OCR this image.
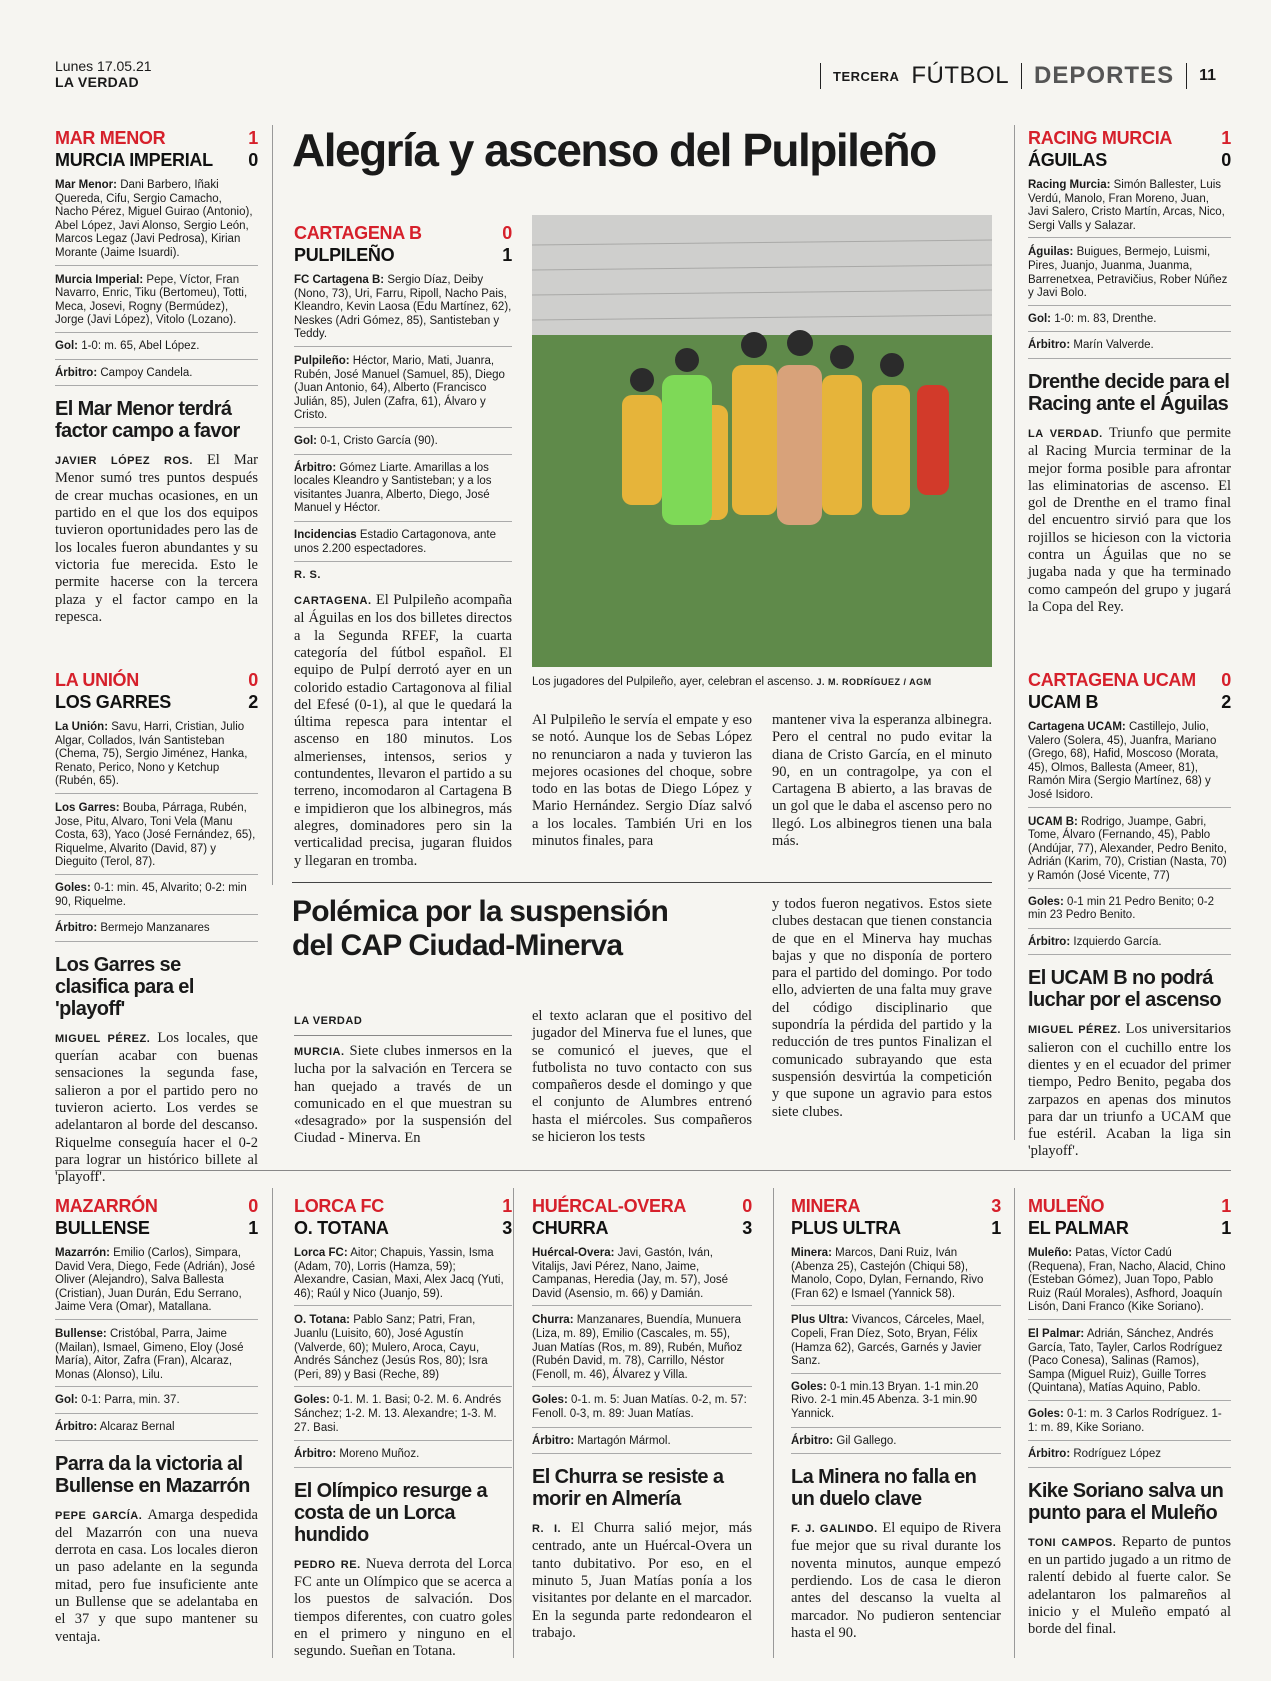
Lunes 17.05.21
LA VERDAD	TERCERA FÚTBOL DEPORTES 11
MAR MENOR	1
MURCIA IMPERIAL 0
Mar Menor: Dani Barbero, Iñaki Quereda, Cifu, Sergio Camacho, Nacho Pérez, Miguel Guirao (Antonio), Abel López, Javi Alonso, Sergio León, Marcos Legaz (Javi Pedrosa), Kirian Morante (Jaime Isuardi).
Murcia Imperial: Pepe, Víctor, Fran Navarro, Enric, Tiku (Bertomeu), Totti, Meca, Josevi, Rogny (Bermúdez), Jorge (Javi López), Vitolo (Lozano).
Gol: 1-0: m. 65, Abel López.
Árbitro: Campoy Candela.
El Mar Menor terdrá factor campo a favor
JAVIER LÓPEZ ROS. El Mar Menor sumó tres puntos después de crear muchas ocasiones, en un partido en el que los dos equipos tuvieron oportunidades pero las de los locales fueron abundantes y su victoria fue merecida. Esto le permite hacerse con la tercera plaza y el factor campo en la repesca.
LA UNIÓN	0
LOS GARRES	2
La Unión: Savu, Harri, Cristian, Julio Algar, Collados, Iván Santisteban (Chema, 75), Sergio Jiménez, Hanka, Renato, Perico, Nono y Ketchup (Rubén, 65).
Los Garres: Bouba, Párraga, Rubén, Jose, Pitu, Alvaro, Toni Vela (Manu Costa, 63), Yaco (José Fernández, 65), Riquelme, Alvarito (David, 87) y Dieguito (Terol, 87).
Goles: 0-1: min. 45, Alvarito; 0-2: min 90, Riquelme.
Árbitro: Bermejo Manzanares
Los Garres se clasifica para el 'playoff'
MIGUEL PÉREZ. Los locales, que querían acabar con buenas sensaciones la segunda fase, salieron a por el partido pero no tuvieron acierto. Los verdes se adelantaron al borde del descanso. Riquelme conseguía hacer el 0-2 para lograr un histórico billete al 'playoff'.
Alegría y ascenso del Pulpileño
CARTAGENA B	0
PULPILEÑO	1
FC Cartagena B: Sergio Díaz, Deiby (Nono, 73), Uri, Farru, Ripoll, Nacho Pais, Kleandro, Kevin Laosa (Edu Martínez, 62), Neskes (Adri Gómez, 85), Santisteban y Teddy.
Pulpileño: Héctor, Mario, Mati, Juanra, Rubén, José Manuel (Samuel, 85), Diego (Juan Antonio, 64), Alberto (Francisco Julián, 85), Julen (Zafra, 61), Álvaro y Cristo.
Gol: 0-1, Cristo García (90).
Árbitro: Gómez Liarte. Amarillas a los locales Kleandro y Santisteban; y a los visitantes Juanra, Alberto, Diego, José Manuel y Héctor.
Incidencias Estadio Cartagonova, ante unos 2.200 espectadores.
R. S.
CARTAGENA. El Pulpileño acompaña al Águilas en los dos billetes directos a la Segunda RFEF, la cuarta categoría del fútbol español. El equipo de Pulpí derrotó ayer en un colorido estadio Cartagonova al filial del Efesé (0-1), al que le quedará la última repesca para intentar el ascenso en 180 minutos. Los almerienses, intensos, serios y contundentes, llevaron el partido a su terreno, incomodaron al Cartagena B e impidieron que los albinegros, más alegres, dominadores pero sin la verticalidad precisa, jugaran fluidos y llegaran en tromba.
Los jugadores del Pulpileño, ayer, celebran el ascenso. J. M. RODRÍGUEZ / AGM
Al Pulpileño le servía el empate y eso se notó. Aunque los de Sebas López no renunciaron a nada y tuvieron las mejores ocasiones del choque, sobre todo en las botas de Diego López y Mario Hernández. Sergio Díaz salvó a los locales. También Uri en los minutos finales, para
mantener viva la esperanza albinegra. Pero el central no pudo evitar la diana de Cristo García, en el minuto 90, en un contragolpe, ya con el Cartagena B abierto, a las bravas de un gol que le daba el ascenso pero no llegó. Los albinegros tienen una bala más.
Polémica por la suspensión
del CAP Ciudad-Minerva
LA VERDAD
MURCIA. Siete clubes inmersos en la lucha por la salvación en Tercera se han quejado a través de un comunicado en el que muestran su «desagrado» por la suspensión del Ciudad - Minerva. En
el texto aclaran que el positivo del jugador del Minerva fue el lunes, que se comunicó el jueves, que el futbolista no tuvo contacto con sus compañeros desde el domingo y que el conjunto de Alumbres entrenó hasta el miércoles. Sus compañeros se hicieron los tests
y todos fueron negativos. Estos siete clubes destacan que tienen constancia de que en el Minerva hay muchas bajas y que no disponía de portero para el partido del domingo. Por todo ello, advierten de una falta muy grave del código disciplinario que supondría la pérdida del partido y la reducción de tres puntos Finalizan el comunicado subrayando que esta suspensión desvirtúa la competición y que supone un agravio para estos siete clubes.
RACING MURCIA	1
ÁGUILAS	0
Racing Murcia: Simón Ballester, Luis Verdú, Manolo, Fran Moreno, Juan, Javi Salero, Cristo Martín, Arcas, Nico, Sergi Valls y Salazar.
Águilas: Buigues, Bermejo, Luismi, Pires, Juanjo, Juanma, Juanma, Barrenetxea, Petravičius, Rober Núñez y Javi Bolo.
Gol: 1-0: m. 83, Drenthe.
Árbitro: Marín Valverde.
Drenthe decide para el Racing ante el Águilas
LA VERDAD. Triunfo que permite al Racing Murcia terminar de la mejor forma posible para afrontar las eliminatorias de ascenso. El gol de Drenthe en el tramo final del encuentro sirvió para que los rojillos se hicieson con la victoria contra un Águilas que no se jugaba nada y que ha terminado como campeón del grupo y jugará la Copa del Rey.
CARTAGENA UCAM 0
UCAM B	2
Cartagena UCAM: Castillejo, Julio, Valero (Solera, 45), Juanfra, Mariano (Grego, 68), Hafid, Moscoso (Morata, 45), Olmos, Ballesta (Ameer, 81), Ramón Mira (Sergio Martínez, 68) y José Isidoro.
UCAM B: Rodrigo, Juampe, Gabri, Tome, Álvaro (Fernando, 45), Pablo (Andújar, 77), Alexander, Pedro Benito, Adrián (Karim, 70), Cristian (Nasta, 70) y Ramón (José Vicente, 77)
Goles: 0-1 min 21 Pedro Benito; 0-2 min 23 Pedro Benito.
Árbitro: Izquierdo García.
El UCAM B no podrá luchar por el ascenso
MIGUEL PÉREZ. Los universitarios salieron con el cuchillo entre los dientes y en el ecuador del primer tiempo, Pedro Benito, pegaba dos zarpazos en apenas dos minutos para dar un triunfo a UCAM que fue estéril. Acaban la liga sin 'playoff'.
MAZARRÓN	0
BULLENSE	1
Mazarrón: Emilio (Carlos), Simpara, David Vera, Diego, Fede (Adrián), José Oliver (Alejandro), Salva Ballesta (Cristian), Juan Durán, Edu Serrano, Jaime Vera (Omar), Matallana.
Bullense: Cristóbal, Parra, Jaime (Mailan), Ismael, Gimeno, Eloy (José María), Aitor, Zafra (Fran), Alcaraz, Monas (Alonso), Lilu.
Gol: 0-1: Parra, min. 37.
Árbitro: Alcaraz Bernal
Parra da la victoria al Bullense en Mazarrón
PEPE GARCÍA. Amarga despedida del Mazarrón con una nueva derrota en casa. Los locales dieron un paso adelante en la segunda mitad, pero fue insuficiente ante un Bullense que se adelantaba en el 37 y que supo mantener su ventaja.
LORCA FC	1
O. TOTANA	3
Lorca FC: Aitor; Chapuis, Yassin, Isma (Adam, 70), Lorris (Hamza, 59); Alexandre, Casian, Maxi, Alex Jacq (Yuti, 46); Raúl y Nico (Juanjo, 59).
O. Totana: Pablo Sanz; Patri, Fran, Juanlu (Luisito, 60), José Agustín (Valverde, 60); Mulero, Aroca, Cayu, Andrés Sánchez (Jesús Ros, 80); Isra (Peri, 89) y Basi (Reche, 89)
Goles: 0-1. M. 1. Basi; 0-2. M. 6. Andrés Sánchez; 1-2. M. 13. Alexandre; 1-3. M. 27. Basi.
Árbitro: Moreno Muñoz.
El Olímpico resurge a costa de un Lorca hundido
PEDRO RE. Nueva derrota del Lorca FC ante un Olímpico que se acerca a los puestos de salvación. Dos tiempos diferentes, con cuatro goles en el primero y ninguno en el segundo. Sueñan en Totana.
HUÉRCAL-OVERA	0
CHURRA	3
Huércal-Overa: Javi, Gastón, Iván, Vitalijs, Javi Pérez, Nano, Jaime, Campanas, Heredia (Jay, m. 57), José David (Asensio, m. 66) y Damián.
Churra: Manzanares, Buendía, Munuera (Liza, m. 89), Emilio (Cascales, m. 55), Juan Matías (Ros, m. 89), Rubén, Muñoz (Rubén David, m. 78), Carrillo, Néstor (Fenoll, m. 46), Álvarez y Villa.
Goles: 0-1. m. 5: Juan Matías. 0-2, m. 57: Fenoll. 0-3, m. 89: Juan Matías.
Árbitro: Martagón Mármol.
El Churra se resiste a morir en Almería
R. I. El Churra salió mejor, más centrado, ante un Huércal-Overa un tanto dubitativo. Por eso, en el minuto 5, Juan Matías ponía a los visitantes por delante en el marcador. En la segunda parte redondearon el trabajo.
MINERA	3
PLUS ULTRA	1
Minera: Marcos, Dani Ruiz, Iván (Abenza 25), Castejón (Chiqui 58), Manolo, Copo, Dylan, Fernando, Rivo (Fran 62) e Ismael (Yannick 58).
Plus Ultra: Vivancos, Cárceles, Mael, Copeli, Fran Díez, Soto, Bryan, Félix (Hamza 62), Garcés, Garnés y Javier Sanz.
Goles: 0-1 min.13 Bryan. 1-1 min.20 Rivo. 2-1 min.45 Abenza. 3-1 min.90 Yannick.
Árbitro: Gil Gallego.
La Minera no falla en un duelo clave
F. J. GALINDO. El equipo de Rivera fue mejor que su rival durante los noventa minutos, aunque empezó perdiendo. Los de casa le dieron antes del descanso la vuelta al marcador. No pudieron sentenciar hasta el 90.
MULEÑO	1
EL PALMAR	1
Muleño: Patas, Víctor Cadú (Requena), Fran, Nacho, Alacid, Chino (Esteban Gómez), Juan Topo, Pablo Ruiz (Raúl Morales), Asfhord, Joaquín Lisón, Dani Franco (Kike Soriano).
El Palmar: Adrián, Sánchez, Andrés García, Tato, Tayler, Carlos Rodríguez (Paco Conesa), Salinas (Ramos), Sampa (Miguel Ruiz), Guille Torres (Quintana), Matías Aquino, Pablo.
Goles: 0-1: m. 3 Carlos Rodríguez. 1-1: m. 89, Kike Soriano.
Árbitro: Rodríguez López
Kike Soriano salva un punto para el Muleño
TONI CAMPOS. Reparto de puntos en un partido jugado a un ritmo de ralentí debido al fuerte calor. Se adelantaron los palmareños al inicio y el Muleño empató al borde del final.
